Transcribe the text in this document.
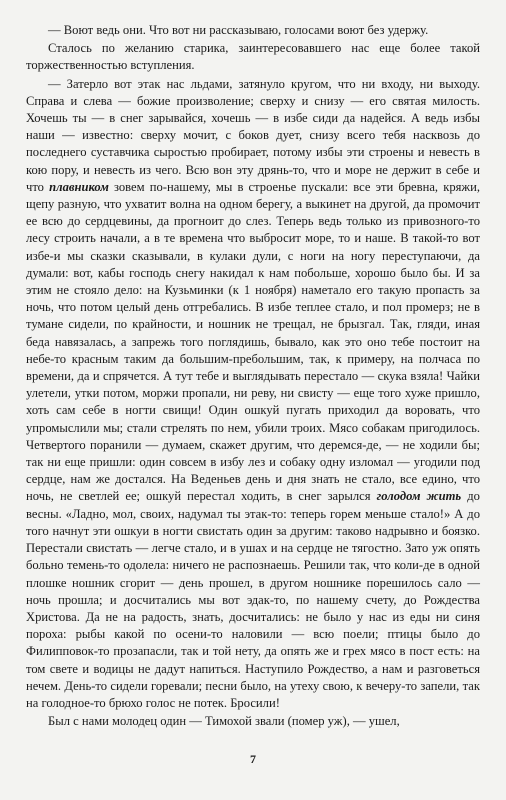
— Воют ведь они. Что вот ни рассказываю, голосами воют без удержу.

Сталось по желанию старика, заинтересовавшего нас еще более такой торжественностью вступления.

— Затерло вот этак нас льдами, затянуло кругом, что ни входу, ни выходу. Справа и слева — божие произволение; сверху и снизу — его святая милость. Хочешь ты — в снег зарывайся, хочешь — в избе сиди да надейся. А ведь избы наши — известно: сверху мочит, с боков дует, снизу всего тебя насквозь до последнего суставчика сыростью пробирает, потому избы эти строены и невесть в кою пору, и невесть из чего. Всю вон эту дрянь-то, что и море не держит в себе и что плавником зовем по-нашему, мы в строенье пускали: все эти бревна, кряжи, щепу разную, что ухватит волна на одном берегу, а выкинет на другой, да промочит ее всю до сердцевины, да прогноит до слез. Теперь ведь только из привозного-то лесу строить начали, а в те времена что выбросит море, то и наше. В такой-то вот избе-и мы сказки сказывали, в кулаки дули, с ноги на ногу переступаючи, да думали: вот, кабы господь снегу накидал к нам побольше, хорошо было бы. И за этим не стояло дело: на Кузьминки (к 1 ноября) наметало его такую пропасть за ночь, что потом целый день отгребались. В избе теплее стало, и пол промерз; не в тумане сидели, по крайности, и ношник не трещал, не брызгал. Так, гляди, иная беда навязалась, а запрежь того поглядишь, бывало, как это оно тебе постоит на небе-то красным таким да большим-пребольшим, так, к примеру, на полчаса по времени, да и спрячется. А тут тебе и выглядывать перестало — скука взяла! Чайки улетели, утки потом, моржи пропали, ни реву, ни свисту — еще того хуже пришло, хоть сам себе в ногти свищи! Один ошкуй пугать приходил да воровать, что упромыслили мы; стали стрелять по нем, убили троих. Мясо собакам пригодилось. Четвертого поранили — думаем, скажет другим, что деремся-де, — не ходили бы; так ни еще пришли: один совсем в избу лез и собаку одну изломал — угодили под сердце, нам же достался. На Веденьев день и дня знать не стало, все едино, что ночь, не светлей ее; ошкуй перестал ходить, в снег зарылся голодом жить до весны. «Ладно, мол, своих, надумал ты этак-то: теперь горем меньше стало!» А до того начнут эти ошкуи в ногти свистать один за другим: таково надрывно и боязко. Перестали свистать — легче стало, и в ушах и на сердце не тягостно. Зато уж опять больно темень-то одолела: ничего не распознаешь. Решили так, что коли-де в одной плошке ношник сгорит — день прошел, в другом ношнике порешилось сало — ночь прошла; и досчитались мы вот эдак-то, по нашему счету, до Рождества Христова. Да не на радость, знать, досчитались: не было у нас из еды ни синя пороха: рыбы какой по осени-то наловили — всю поели; птицы было до Филипповок-то прозапасли, так и той нету, да опять же и грех мясо в пост есть: на том свете и водицы не дадут напиться. Наступило Рождество, а нам и разговеться нечем. День-то сидели горевали; песни было, на утеху свою, к вечеру-то запели, так на голодное-то брюхо голос не потек. Бросили!

Был с нами молодец один — Тимохой звали (помер уж), — ушел,

7
